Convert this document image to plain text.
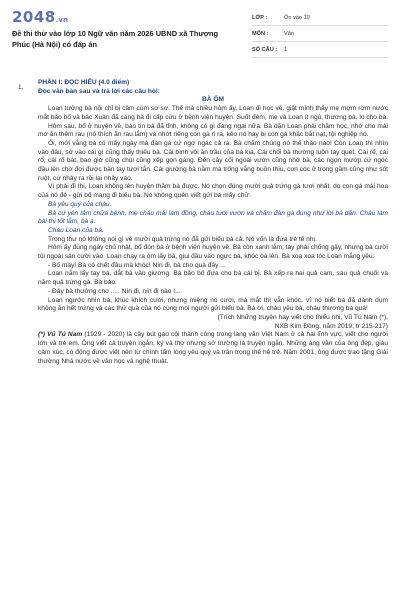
2048.vn
Đề thi thử vào lớp 10 Ngữ văn năm 2026 UBND xã Thượng Phúc (Hà Nội) có đáp án
LỚP :	Ôn vào 10
MÔN :	Văn
SỐ CÂU :	1
1.

PHẦN I: ĐỌC HIỂU (4.0 điểm)

Đọc văn bản sau và trả lời các câu hỏi:

BÀ ỐM

Loan tưởng bà nội chỉ bị cảm cúm sơ sơ. Thế mà chiều hôm ấy, Loan đi học về, giật mình thấy mẹ mợm rơm nước mắt bảo bố và bác Xuân đã cáng bà đi cấp cứu ở bệnh viện huyện. Suốt đêm, mẹ và Loan ít ngủ, thương bà, lo cho bà.

Hôm sau, bố ở huyện về, báo tin bà đã tỉnh, không có gì đáng ngại nữa. Bà dặn Loan phải chăm học, nhớ cho mái mơ ăn thêm rau (nó thích ăn rau lắm) và nhớt riêng con gà ri ra, kẻo nó hay bị con gà khác bắt nạt, tội nghiệp nó.

Ôi, mới vắng bà có mấy ngày mà đàn gà cứ ngơ ngác cả ra. Bà chăm chúng nó thế thảo nào! Còn Loan thì nhìn vào đâu, sờ vào cái gì cũng thấy thiếu bà. Cái bình vôi ăn trầu của bà kia. Cái chổi bà thường luồn tay quét. Cái rế, cái rổ, cái rổ bát, bao giờ cũng chùi cũng xếp gọn gàng. Đến cây cối ngoài vườn cũng nhớ bà, các ngọn mướp cứ ngóc đầu lên chờ đợi được bàn tay tươi tắn. Cái giường bà nằm mà trống vắng buồn thiu, con cóc ở trong gầm cũng như sốt ruột, cứ nhảy ra rồi lại nhảy vào.

Vì phải đi thi, Loan không lên huyện thăm bà được. Nó chọn đúng mười quả trứng gà tươi nhất, do con gà mái hoa của nó đẻ - gửi bố mang đi biếu bà. Nó không quên viết gửi bà mấy chữ:

Bà yêu quý của cháu.

Bà cứ yên tâm chữa bệnh, mẹ cháu mải làm đồng, cháu tưới vườn và chăm đàn gà đúng như lời bà dặn. Cháu làm bài thi tốt lắm, bà ạ.

Cháu Loan của bà.

Trong thư nó không nói gì về mười quả trứng nó đã gửi biếu bà cả. Nó vốn là đứa trẻ tế nhị.

Hôm ấy đúng ngày chủ nhật, bố đón bà ở bệnh viện huyện về. Bà còn xanh lắm, tay phải chống gậy, nhưng bà cười tủi ngoái sân cười vào. Loan chạy ra ôm lấy bà, giụi đầu vào ngực bà, khóc òa lên. Bà xoa xoa tóc Loan mắng yêu:

- Bố mày! Bà có chết đâu mà khóc! Nín đi, bà cho quà đây ...

Loan nắm lấy tay bà, dắt bà vào giường. Bà bảo bố đưa cho bà cái bị. Bà xếp ra hai quả cam, sáu quả chuối và năm quả trứng gà. Bà bảo:

- Đây bà thưởng cho ..... Nín đi, nín đi nào !...

Loan ngước nhìn bà, khúc khích cười, nhưng miệng nó cười, mà mắt thì vẫn khóc. Vì nó biết bà đã dành dụm không ăn hết trứng và các thứ quà của nó cùng mọi người gửi biếu bà. Bà ơi, cháu yêu bà, cháu thương bà quá!

(Trích Những truyện hay viết cho thiếu nhi, Vũ Tú Nam (*),

NXB Kim Đồng, năm 2019, tr 215-217)

(*) Vũ Tú Nam (1929 - 2020) là cây bút gạo cội thành công trong làng văn Việt Nam ở cả hai lĩnh vực, viết cho người lớn và trẻ em. Ông viết cả truyện ngắn, ký và thơ nhưng sở trường là truyện ngắn. Những áng văn của ông đẹp, giàu cảm xúc, có động được viết nên từ chính tấm lòng yêu quý và trân trọng thế hệ trẻ. Năm 2001, ông được trao tặng Giải thưởng Nhà nước về văn học và nghệ thuật.
